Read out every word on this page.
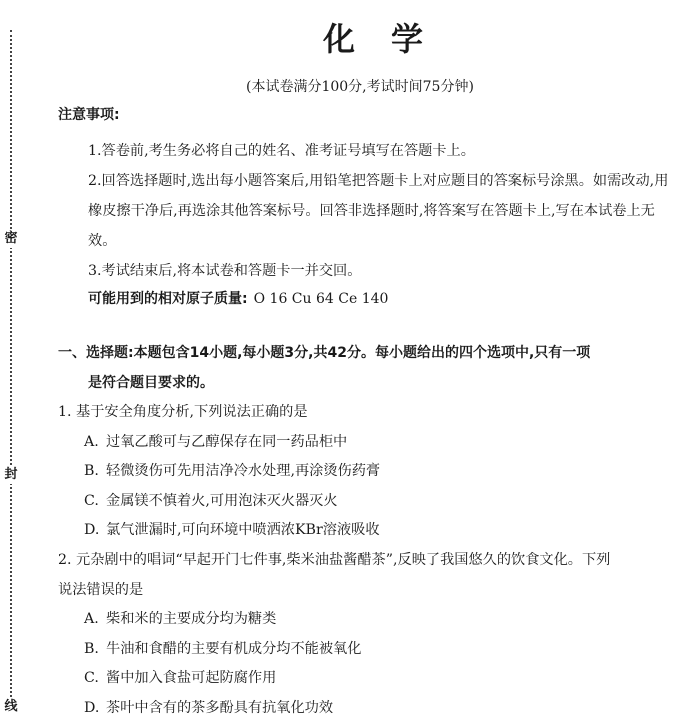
密
封
线
化学
(本试卷满分100分,考试时间75分钟)
注意事项:
1.答卷前,考生务必将自己的姓名、准考证号填写在答题卡上。
2.回答选择题时,选出每小题答案后,用铅笔把答题卡上对应题目的答案标号涂黑。如需改动,用橡皮擦干净后,再选涂其他答案标号。回答非选择题时,将答案写在答题卡上,写在本试卷上无效。
3.考试结束后,将本试卷和答题卡一并交回。
可能用到的相对原子质量: O 16 Cu 64 Ce 140
一、选择题:本题包含14小题,每小题3分,共42分。每小题给出的四个选项中,只有一项
是符合题目要求的。
1. 基于安全角度分析,下列说法正确的是
A. 过氧乙酸可与乙醇保存在同一药品柜中
B. 轻微烫伤可先用洁净冷水处理,再涂烫伤药膏
C. 金属镁不慎着火,可用泡沫灭火器灭火
D. 氯气泄漏时,可向环境中喷洒浓KBr溶液吸收
2. 元杂剧中的唱词“早起开门七件事,柴米油盐酱醋茶”,反映了我国悠久的饮食文化。下列
说法错误的是
A. 柴和米的主要成分均为糖类
B. 牛油和食醋的主要有机成分均不能被氧化
C. 酱中加入食盐可起防腐作用
D. 茶叶中含有的茶多酚具有抗氧化功效
